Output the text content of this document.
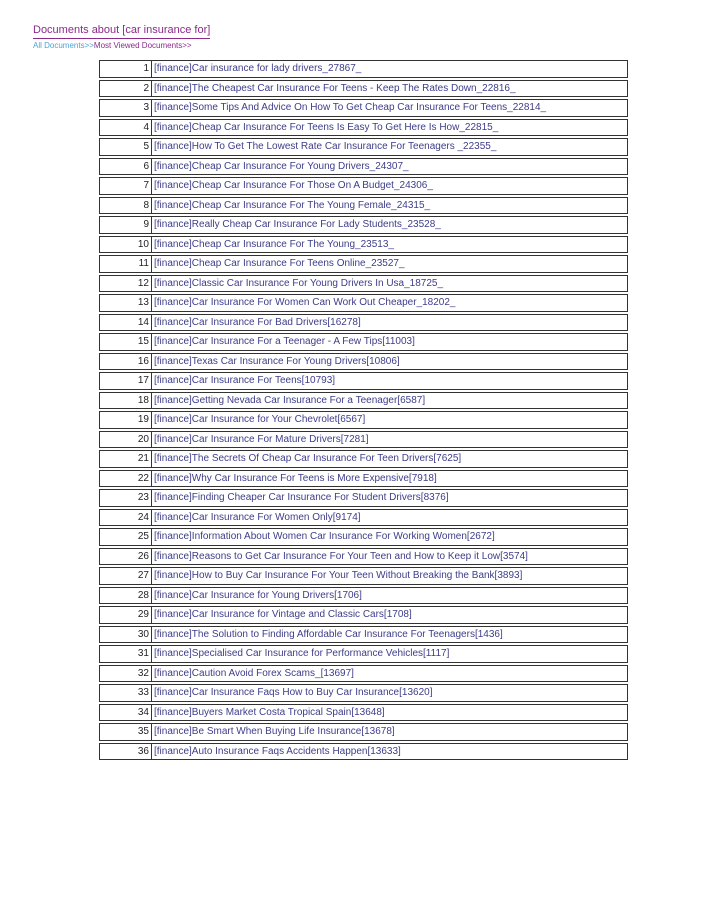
Documents about [car insurance for]
All Documents>>Most Viewed Documents>>
1	[finance]Car insurance for lady drivers_27867_
2	[finance]The Cheapest Car Insurance For Teens - Keep The Rates Down_22816_
3	[finance]Some Tips And Advice On How To Get Cheap Car Insurance For Teens_22814_
4	[finance]Cheap Car Insurance For Teens Is Easy To Get Here Is How_22815_
5	[finance]How To Get The Lowest Rate Car Insurance For Teenagers _22355_
6	[finance]Cheap Car Insurance For Young Drivers_24307_
7	[finance]Cheap Car Insurance For Those On A Budget_24306_
8	[finance]Cheap Car Insurance For The Young Female_24315_
9	[finance]Really Cheap Car Insurance For Lady Students_23528_
10	[finance]Cheap Car Insurance For The Young_23513_
11	[finance]Cheap Car Insurance For Teens Online_23527_
12	[finance]Classic Car Insurance For Young Drivers In Usa_18725_
13	[finance]Car Insurance For Women Can Work Out Cheaper_18202_
14	[finance]Car Insurance For Bad Drivers[16278]
15	[finance]Car Insurance For a Teenager - A Few Tips[11003]
16	[finance]Texas Car Insurance For Young Drivers[10806]
17	[finance]Car Insurance For Teens[10793]
18	[finance]Getting Nevada Car Insurance For a Teenager[6587]
19	[finance]Car Insurance for Your Chevrolet[6567]
20	[finance]Car Insurance For Mature Drivers[7281]
21	[finance]The Secrets Of Cheap Car Insurance For Teen Drivers[7625]
22	[finance]Why Car Insurance For Teens is More Expensive[7918]
23	[finance]Finding Cheaper Car Insurance For Student Drivers[8376]
24	[finance]Car Insurance For Women Only[9174]
25	[finance]Information About Women Car Insurance For Working Women[2672]
26	[finance]Reasons to Get Car Insurance For Your Teen and How to Keep it Low[3574]
27	[finance]How to Buy Car Insurance For Your Teen Without Breaking the Bank[3893]
28	[finance]Car Insurance for Young Drivers[1706]
29	[finance]Car Insurance for Vintage and Classic Cars[1708]
30	[finance]The Solution to Finding Affordable Car Insurance For Teenagers[1436]
31	[finance]Specialised Car Insurance for Performance Vehicles[1117]
32	[finance]Caution Avoid Forex Scams_[13697]
33	[finance]Car Insurance Faqs How to Buy Car Insurance[13620]
34	[finance]Buyers Market Costa Tropical Spain[13648]
35	[finance]Be Smart When Buying Life Insurance[13678]
36	[finance]Auto Insurance Faqs Accidents Happen[13633]
